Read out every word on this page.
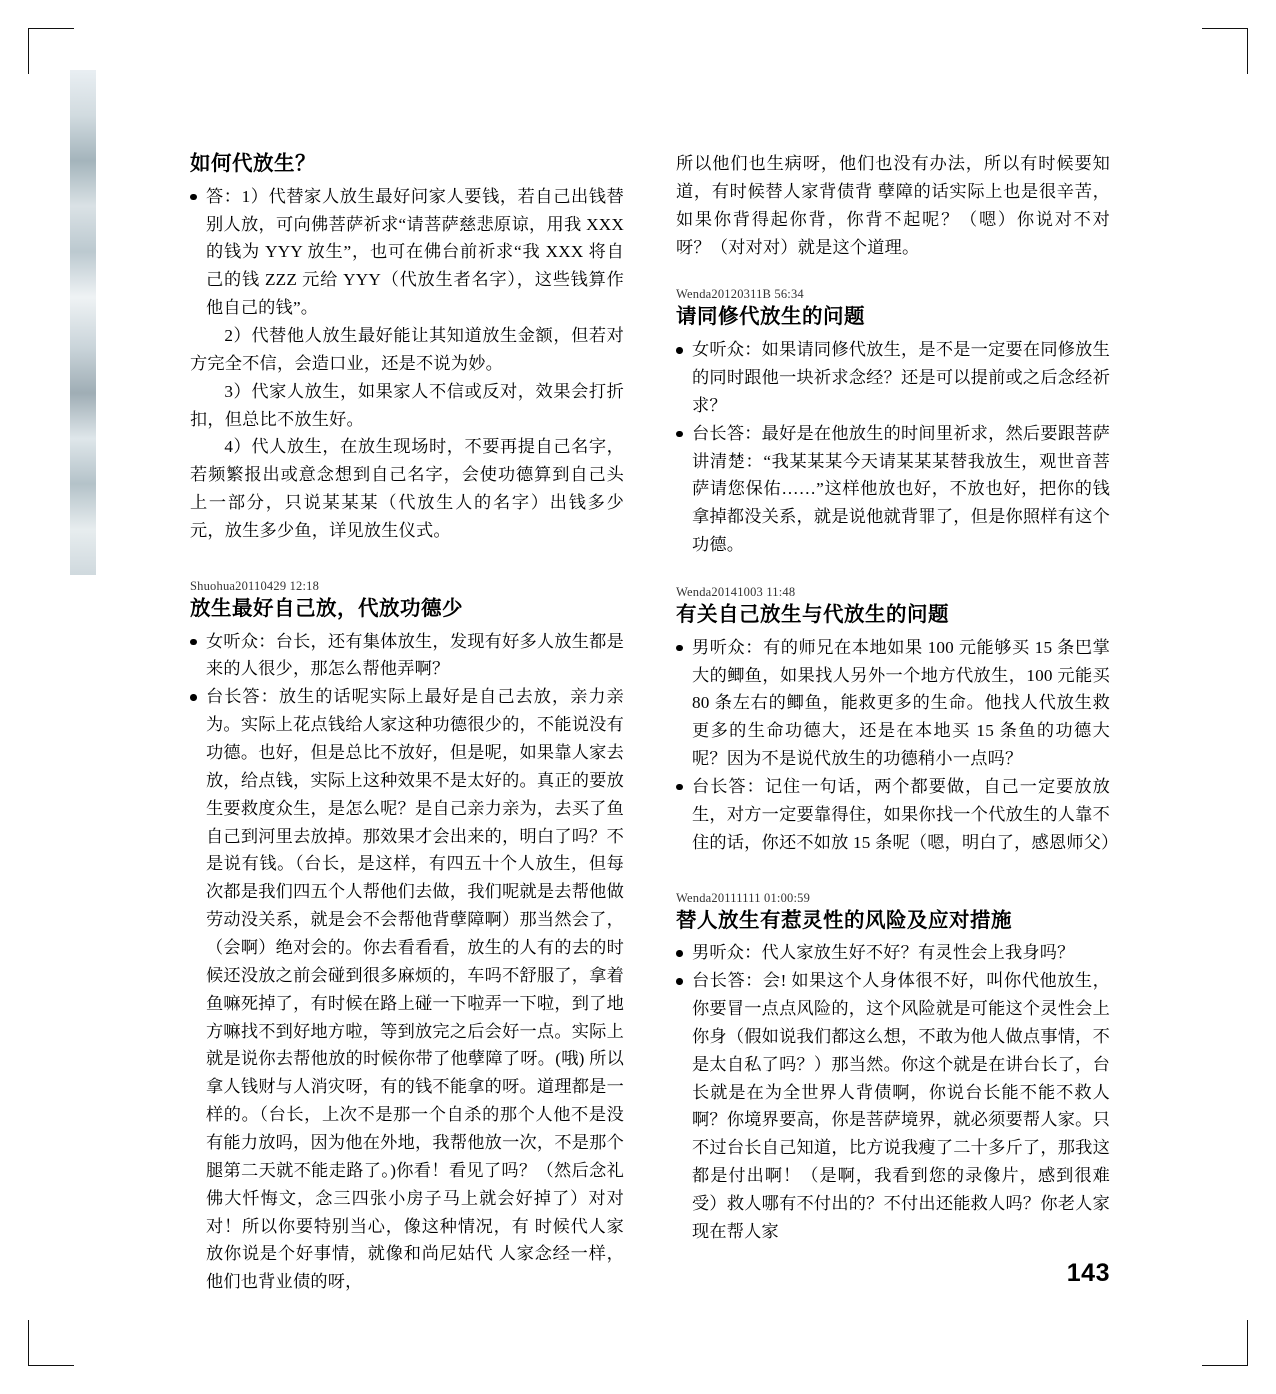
如何代放生？

答：1）代替家人放生最好问家人要钱，若自己出钱替别人放，可向佛菩萨祈求“请菩萨慈悲原谅，用我 XXX 的钱为 YYY 放生”，也可在佛台前祈求“我 XXX 将自己的钱 ZZZ 元给 YYY（代放生者名字），这些钱算作他自己的钱”。

2）代替他人放生最好能让其知道放生金额，但若对方完全不信，会造口业，还是不说为妙。

3）代家人放生，如果家人不信或反对，效果会打折扣，但总比不放生好。

4）代人放生，在放生现场时，不要再提自己名字，若频繁报出或意念想到自己名字，会使功德算到自己头上一部分，只说某某某（代放生人的名字）出钱多少元，放生多少鱼，详见放生仪式。

Shuohua20110429 12:18

放生最好自己放，代放功德少

女听众：台长，还有集体放生，发现有好多人放生都是来的人很少，那怎么帮他弄啊？

台长答：放生的话呢实际上最好是自己去放，亲力亲为。实际上花点钱给人家这种功德很少的，不能说没有功德。也好，但是总比不放好，但是呢，如果靠人家去放，给点钱，实际上这种效果不是太好的。真正的要放生要救度众生，是怎么呢？是自己亲力亲为，去买了鱼自己到河里去放掉。那效果才会出来的，明白了吗？不是说有钱。（台长，是这样，有四五十个人放生，但每次都是我们四五个人帮他们去做，我们呢就是去帮他做劳动没关系，就是会不会帮他背孽障啊）那当然会了，（会啊）绝对会的。你去看看看，放生的人有的去的时候还没放之前会碰到很多麻烦的，车吗不舒服了，拿着鱼嘛死掉了，有时候在路上碰一下啦弄一下啦，到了地方嘛找不到好地方啦，等到放完之后会好一点。实际上就是说你去帮他放的时候你带了他孽障了呀。(哦) 所以拿人钱财与人消灾呀，有的钱不能拿的呀。道理都是一样的。（台长，上次不是那一个自杀的那个人他不是没有能力放吗，因为他在外地，我帮他放一次，不是那个腿第二天就不能走路了。)你看！看见了吗？（然后念礼佛大忏悔文，念三四张小房子马上就会好掉了）对对对！所以你要特别当心，像这种情况，有 时候代人家放你说是个好事情，就像和尚尼姑代 人家念经一样，他们也背业债的呀，

所以他们也生病呀，他们也没有办法，所以有时候要知道，有时候替人家背债背 孽障的话实际上也是很辛苦，如果你背得起你背，你背不起呢？（嗯）你说对不对呀？（对对对）就是这个道理。

Wenda20120311B 56:34

请同修代放生的问题

女听众：如果请同修代放生，是不是一定要在同修放生的同时跟他一块祈求念经？还是可以提前或之后念经祈求？

台长答：最好是在他放生的时间里祈求，然后要跟菩萨讲清楚：“我某某某今天请某某某替我放生，观世音菩萨请您保佑……”这样他放也好，不放也好，把你的钱拿掉都没关系，就是说他就背罪了，但是你照样有这个功德。

Wenda20141003 11:48

有关自己放生与代放生的问题

男听众：有的师兄在本地如果 100 元能够买 15 条巴掌大的鲫鱼，如果找人另外一个地方代放生，100 元能买 80 条左右的鲫鱼，能救更多的生命。他找人代放生救更多的生命功德大，还是在本地买 15 条鱼的功德大呢？因为不是说代放生的功德稍小一点吗？

台长答：记住一句话，两个都要做，自己一定要放放生，对方一定要靠得住，如果你找一个代放生的人靠不住的话，你还不如放 15 条呢（嗯，明白了，感恩师父）

Wenda20111111 01:00:59

替人放生有惹灵性的风险及应对措施

男听众：代人家放生好不好？有灵性会上我身吗？

台长答：会! 如果这个人身体很不好，叫你代他放生，你要冒一点点风险的，这个风险就是可能这个灵性会上你身（假如说我们都这么想，不敢为他人做点事情，不是太自私了吗？）那当然。你这个就是在讲台长了，台长就是在为全世界人背债啊，你说台长能不能不救人啊？你境界要高，你是菩萨境界，就必须要帮人家。只不过台长自己知道，比方说我瘦了二十多斤了，那我这都是付出啊！（是啊，我看到您的录像片，感到很难受）救人哪有不付出的？不付出还能救人吗？你老人家现在帮人家

143
